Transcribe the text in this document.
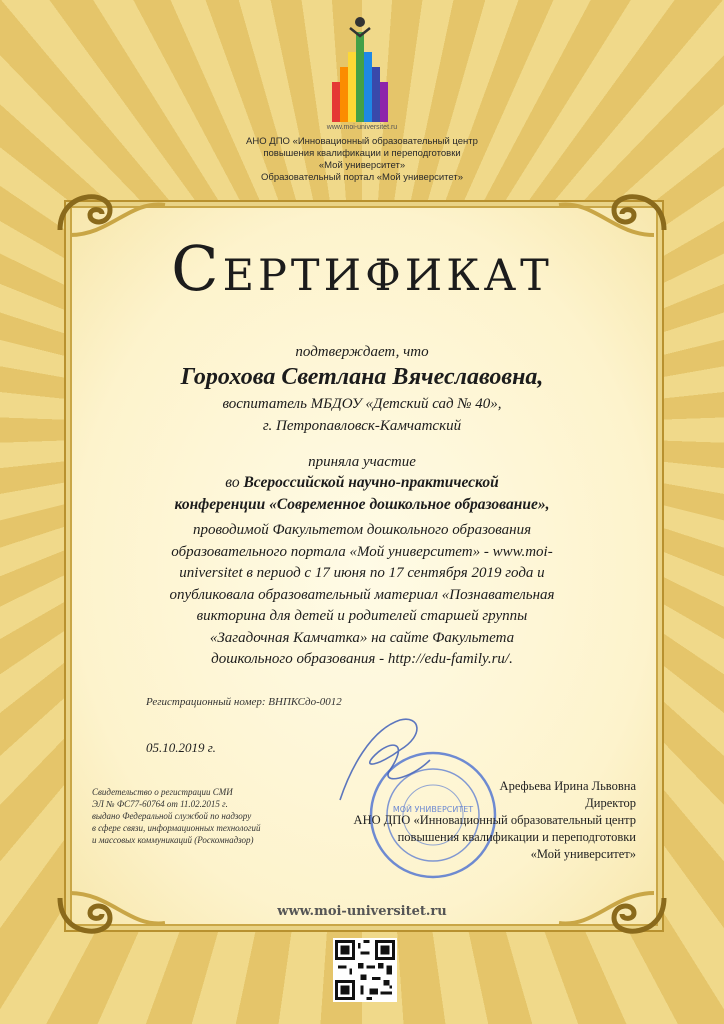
www.moi-universitet.ru
АНО ДПО «Инновационный образовательный центр
повышения квалификации и переподготовки
«Мой университет»
Образовательный портал «Мой университет»
Сертификат
подтверждает, что
Горохова Светлана Вячеславовна,
воспитатель МБДОУ «Детский сад № 40»,
г. Петропавловск-Камчатский
приняла участие
во Всероссийской научно-практической
конференции «Современное дошкольное образование»,
проводимой Факультетом дошкольного образования
образовательного портала «Мой университет» - www.moi-
universitet в период с 17 июня по 17 сентября 2019 года и
опубликовала образовательный материал «Познавательная
викторина для детей и родителей старшей группы
«Загадочная Камчатка» на сайте Факультета
дошкольного образования - http://edu-family.ru/.
Регистрационный номер: ВНПКСдо-0012
05.10.2019 г.
Свидетельство о регистрации СМИ
ЭЛ № ФС77-60764 от 11.02.2015 г.
выдано Федеральной службой по надзору
в сфере связи, информационных технологий
и массовых коммуникаций (Роскомнадзор)
МОЙ УНИВЕРСИТЕТ
Арефьева Ирина Львовна
Директор
АНО ДПО «Инновационный образовательный центр
повышения квалификации и переподготовки
«Мой университет»
www.moi-universitet.ru
